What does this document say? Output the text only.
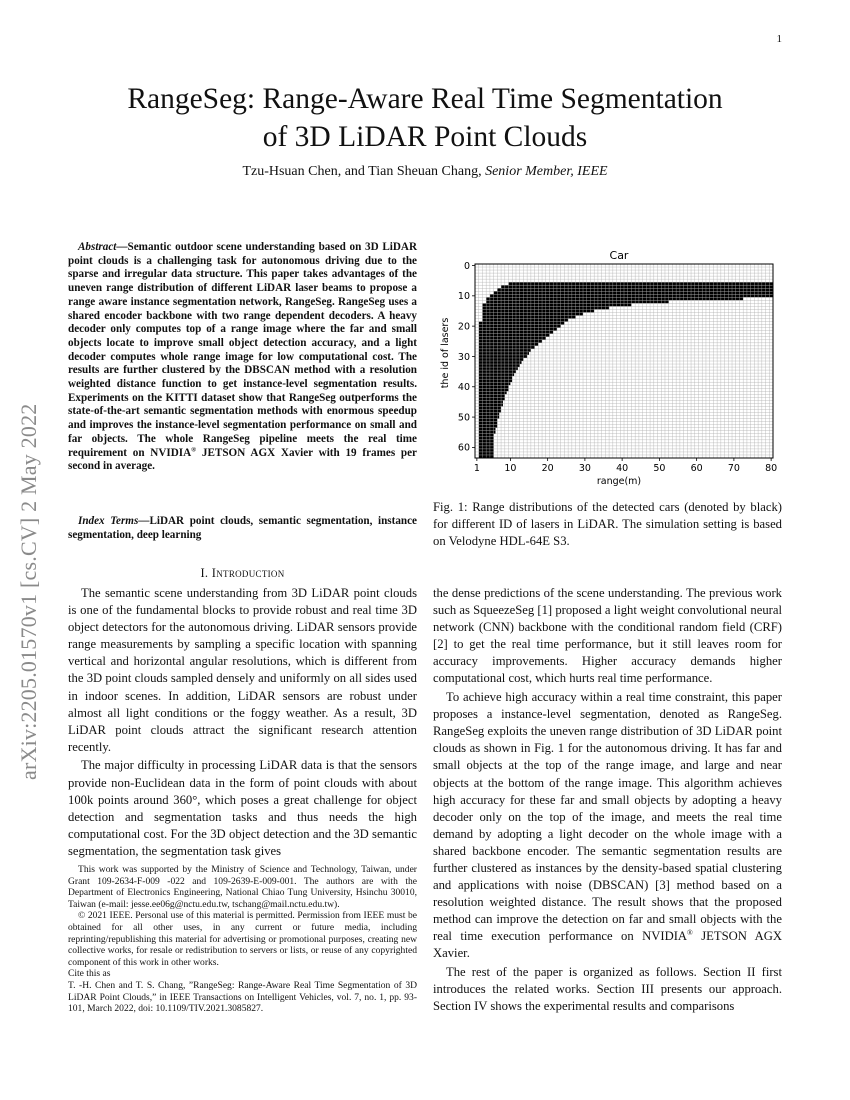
1
RangeSeg: Range-Aware Real Time Segmentation
of 3D LiDAR Point Clouds
Tzu-Hsuan Chen, and Tian Sheuan Chang, Senior Member, IEEE
arXiv:2205.01570v1 [cs.CV] 2 May 2022
Abstract—Semantic outdoor scene understanding based on 3D LiDAR point clouds is a challenging task for autonomous driving due to the sparse and irregular data structure. This paper takes advantages of the uneven range distribution of different LiDAR laser beams to propose a range aware instance segmentation network, RangeSeg. RangeSeg uses a shared encoder backbone with two range dependent decoders. A heavy decoder only computes top of a range image where the far and small objects locate to improve small object detection accuracy, and a light decoder computes whole range image for low computational cost. The results are further clustered by the DBSCAN method with a resolution weighted distance function to get instance-level segmentation results. Experiments on the KITTI dataset show that RangeSeg outperforms the state-of-the-art semantic segmentation methods with enormous speedup and improves the instance-level segmentation performance on small and far objects. The whole RangeSeg pipeline meets the real time requirement on NVIDIA® JETSON AGX Xavier with 19 frames per second in average.
Index Terms—LiDAR point clouds, semantic segmentation, instance segmentation, deep learning
I. Introduction

The semantic scene understanding from 3D LiDAR point clouds is one of the fundamental blocks to provide robust and real time 3D object detectors for the autonomous driving. LiDAR sensors provide range measurements by sampling a specific location with spanning vertical and horizontal angular resolutions, which is different from the 3D point clouds sampled densely and uniformly on all sides used in indoor scenes. In addition, LiDAR sensors are robust under almost all light conditions or the foggy weather. As a result, 3D LiDAR point clouds attract the significant research attention recently.

The major difficulty in processing LiDAR data is that the sensors provide non-Euclidean data in the form of point clouds with about 100k points around 360°, which poses a great challenge for object detection and segmentation tasks and thus needs the high computational cost. For the 3D object detection and the 3D semantic segmentation, the segmentation task gives

This work was supported by the Ministry of Science and Technology, Taiwan, under Grant 109-2634-F-009 -022 and 109-2639-E-009-001. The authors are with the Department of Electronics Engineering, National Chiao Tung University, Hsinchu 30010, Taiwan (e-mail: jesse.ee06g@nctu.edu.tw, tschang@mail.nctu.edu.tw).

© 2021 IEEE. Personal use of this material is permitted. Permission from IEEE must be obtained for all other uses, in any current or future media, including reprinting/republishing this material for advertising or promotional purposes, creating new collective works, for resale or redistribution to servers or lists, or reuse of any copyrighted component of this work in other works.

Cite this as

T. -H. Chen and T. S. Chang, ”RangeSeg: Range-Aware Real Time Segmentation of 3D LiDAR Point Clouds,” in IEEE Transactions on Intelligent Vehicles, vol. 7, no. 1, pp. 93-101, March 2022, doi: 10.1109/TIV.2021.3085827.

Car
1	10	20	30	40	50	60	70	80
0
10
20
30
40
50
60
range(m)
the id of lasers
Fig. 1: Range distributions of the detected cars (denoted by black) for different ID of lasers in LiDAR. The simulation setting is based on Velodyne HDL-64E S3.

the dense predictions of the scene understanding. The previous work such as SqueezeSeg [1] proposed a light weight convolutional neural network (CNN) backbone with the conditional random field (CRF) [2] to get the real time performance, but it still leaves room for accuracy improvements. Higher accuracy demands higher computational cost, which hurts real time performance.

To achieve high accuracy within a real time constraint, this paper proposes a instance-level segmentation, denoted as RangeSeg. RangeSeg exploits the uneven range distribution of 3D LiDAR point clouds as shown in Fig. 1 for the autonomous driving. It has far and small objects at the top of the range image, and large and near objects at the bottom of the range image. This algorithm achieves high accuracy for these far and small objects by adopting a heavy decoder only on the top of the image, and meets the real time demand by adopting a light decoder on the whole image with a shared backbone encoder. The semantic segmentation results are further clustered as instances by the density-based spatial clustering and applications with noise (DBSCAN) [3] method based on a resolution weighted distance. The result shows that the proposed method can improve the detection on far and small objects with the real time execution performance on NVIDIA® JETSON AGX Xavier.

The rest of the paper is organized as follows. Section II first introduces the related works. Section III presents our approach. Section IV shows the experimental results and comparisons
